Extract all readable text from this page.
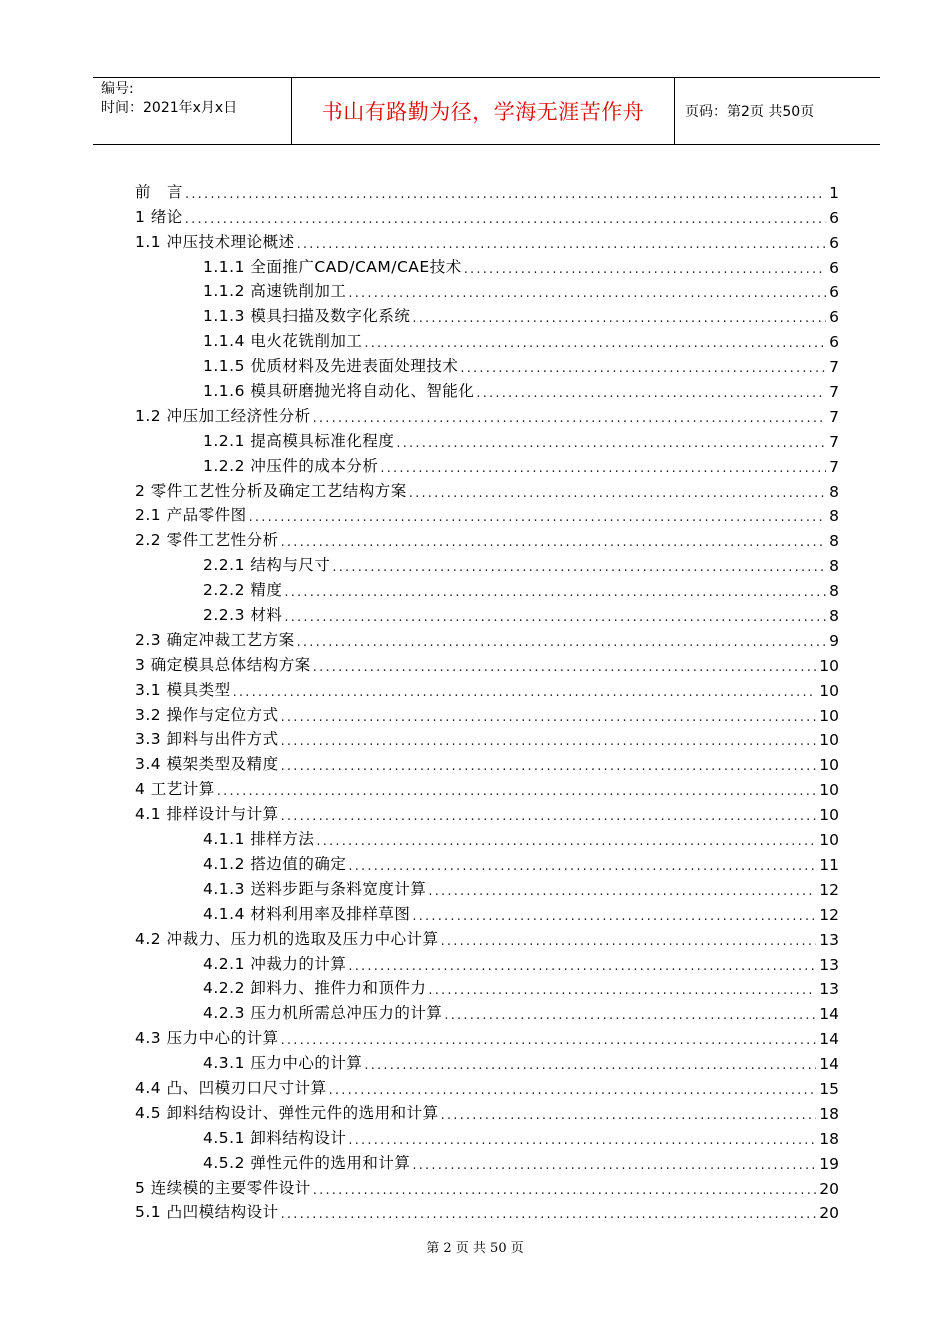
编号:
时间：2021年x月x日	书山有路勤为径，学海无涯苦作舟	页码：第2页 共50页
前　言 .....	1
1 绪论 .....	6
1.1 冲压技术理论概述 .....	6
1.1.1 全面推广CAD/CAM/CAE技术 .....	6
1.1.2 高速铣削加工 .....	6
1.1.3 模具扫描及数字化系统 .....	6
1.1.4 电火花铣削加工 .....	6
1.1.5 优质材料及先进表面处理技术 .....	7
1.1.6 模具研磨抛光将自动化、智能化 .....	7
1.2 冲压加工经济性分析 .....	7
1.2.1 提高模具标准化程度 .....	7
1.2.2 冲压件的成本分析 .....	7
2 零件工艺性分析及确定工艺结构方案 .....	8
2.1 产品零件图 .....	8
2.2 零件工艺性分析 .....	8
2.2.1 结构与尺寸 .....	8
2.2.2 精度 .....	8
2.2.3 材料 .....	8
2.3 确定冲裁工艺方案 .....	9
3 确定模具总体结构方案 .....	10
3.1 模具类型 .....	10
3.2 操作与定位方式 .....	10
3.3 卸料与出件方式 .....	10
3.4 模架类型及精度 .....	10
4 工艺计算 .....	10
4.1 排样设计与计算 .....	10
4.1.1 排样方法 .....	10
4.1.2 搭边值的确定 .....	11
4.1.3 送料步距与条料宽度计算 .....	12
4.1.4 材料利用率及排样草图 .....	12
4.2 冲裁力、压力机的选取及压力中心计算 .....	13
4.2.1 冲裁力的计算 .....	13
4.2.2 卸料力、推件力和顶件力 .....	13
4.2.3 压力机所需总冲压力的计算 .....	14
4.3 压力中心的计算 .....	14
4.3.1 压力中心的计算 .....	14
4.4 凸、凹模刃口尺寸计算 .....	15
4.5 卸料结构设计、弹性元件的选用和计算 .....	18
4.5.1 卸料结构设计 .....	18
4.5.2 弹性元件的选用和计算 .....	19
5 连续模的主要零件设计 .....	20
5.1 凸凹模结构设计 .....	20
第 2 页 共 50 页
